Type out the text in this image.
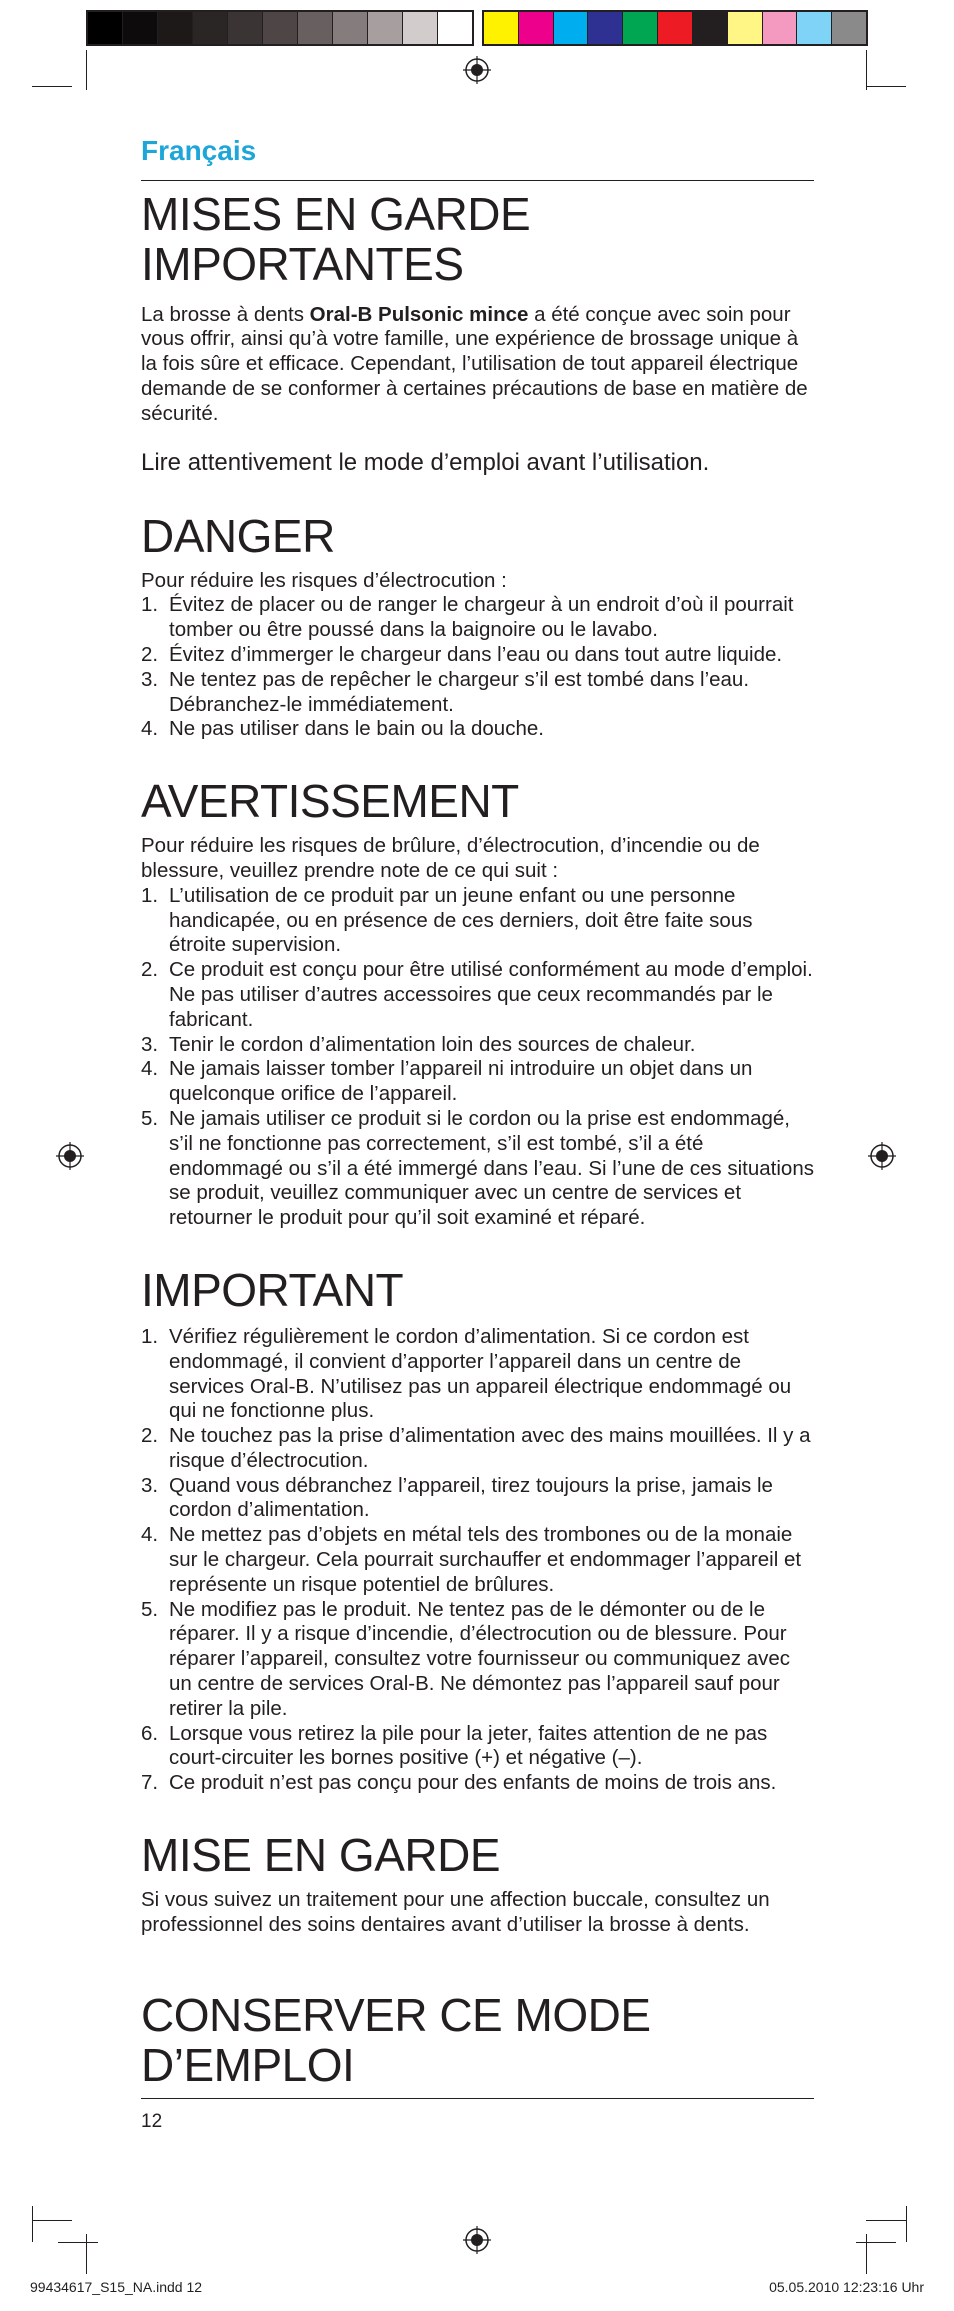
Français
MISES EN GARDE IMPORTANTES

La brosse à dents Oral-B Pulsonic mince a été conçue avec soin pour vous offrir, ainsi qu’à votre famille, une expérience de brossage unique à la fois sûre et efficace. Cependant, l’utilisation de tout appareil électrique demande de se conformer à certaines précautions de base en matière de sécurité.

Lire attentivement le mode d’emploi avant l’utilisation.

DANGER

Pour réduire les risques d’électrocution :

1. Évitez de placer ou de ranger le chargeur à un endroit d’où il pourrait tomber ou être poussé dans la baignoire ou le lavabo.
2. Évitez d’immerger le chargeur dans l’eau ou dans tout autre liquide.
3. Ne tentez pas de repêcher le chargeur s’il est tombé dans l’eau. Débranchez-le immédiatement.
4. Ne pas utiliser dans le bain ou la douche.
AVERTISSEMENT

Pour réduire les risques de brûlure, d’électrocution, d’incendie ou de blessure, veuillez prendre note de ce qui suit :

1. L’utilisation de ce produit par un jeune enfant ou une personne handicapée, ou en présence de ces derniers, doit être faite sous étroite supervision.
2. Ce produit est conçu pour être utilisé conformément au mode d’emploi. Ne pas utiliser d’autres accessoires que ceux recommandés par le fabricant.
3. Tenir le cordon d’alimentation loin des sources de chaleur.
4. Ne jamais laisser tomber l’appareil ni introduire un objet dans un quelconque orifice de l’appareil.
5. Ne jamais utiliser ce produit si le cordon ou la prise est endommagé, s’il ne fonctionne pas correctement, s’il est tombé, s’il a été endommagé ou s’il a été immergé dans l’eau. Si l’une de ces situations se produit, veuillez communiquer avec un centre de services et retourner le produit pour qu’il soit examiné et réparé.
IMPORTANT
1. Vérifiez régulièrement le cordon d’alimentation. Si ce cordon est endommagé, il convient d’apporter l’appareil dans un centre de services Oral-B. N’utilisez pas un appareil électrique endommagé ou qui ne fonctionne plus.
2. Ne touchez pas la prise d’alimentation avec des mains mouillées. Il y a risque d’électrocution.
3. Quand vous débranchez l’appareil, tirez toujours la prise, jamais le cordon d’alimentation.
4. Ne mettez pas d’objets en métal tels des trombones ou de la monaie sur le chargeur. Cela pourrait surchauffer et endommager l’appareil et représente un risque potentiel de brûlures.
5. Ne modifiez pas le produit. Ne tentez pas de le démonter ou de le réparer. Il y a risque d’incendie, d’électrocution ou de blessure. Pour réparer l’appareil, consultez votre fournisseur ou communiquez avec un centre de services Oral-B. Ne démontez pas l’appareil sauf pour retirer la pile.
6. Lorsque vous retirez la pile pour la jeter, faites attention de ne pas court-circuiter les bornes positive (+) et négative (–).
7. Ce produit n’est pas conçu pour des enfants de moins de trois ans.
MISE EN GARDE

Si vous suivez un traitement pour une affection buccale, consultez un professionnel des soins dentaires avant d’utiliser la brosse à dents.

CONSERVER CE MODE D’EMPLOI
12
99434617_S15_NA.indd 12	05.05.2010 12:23:16 Uhr
